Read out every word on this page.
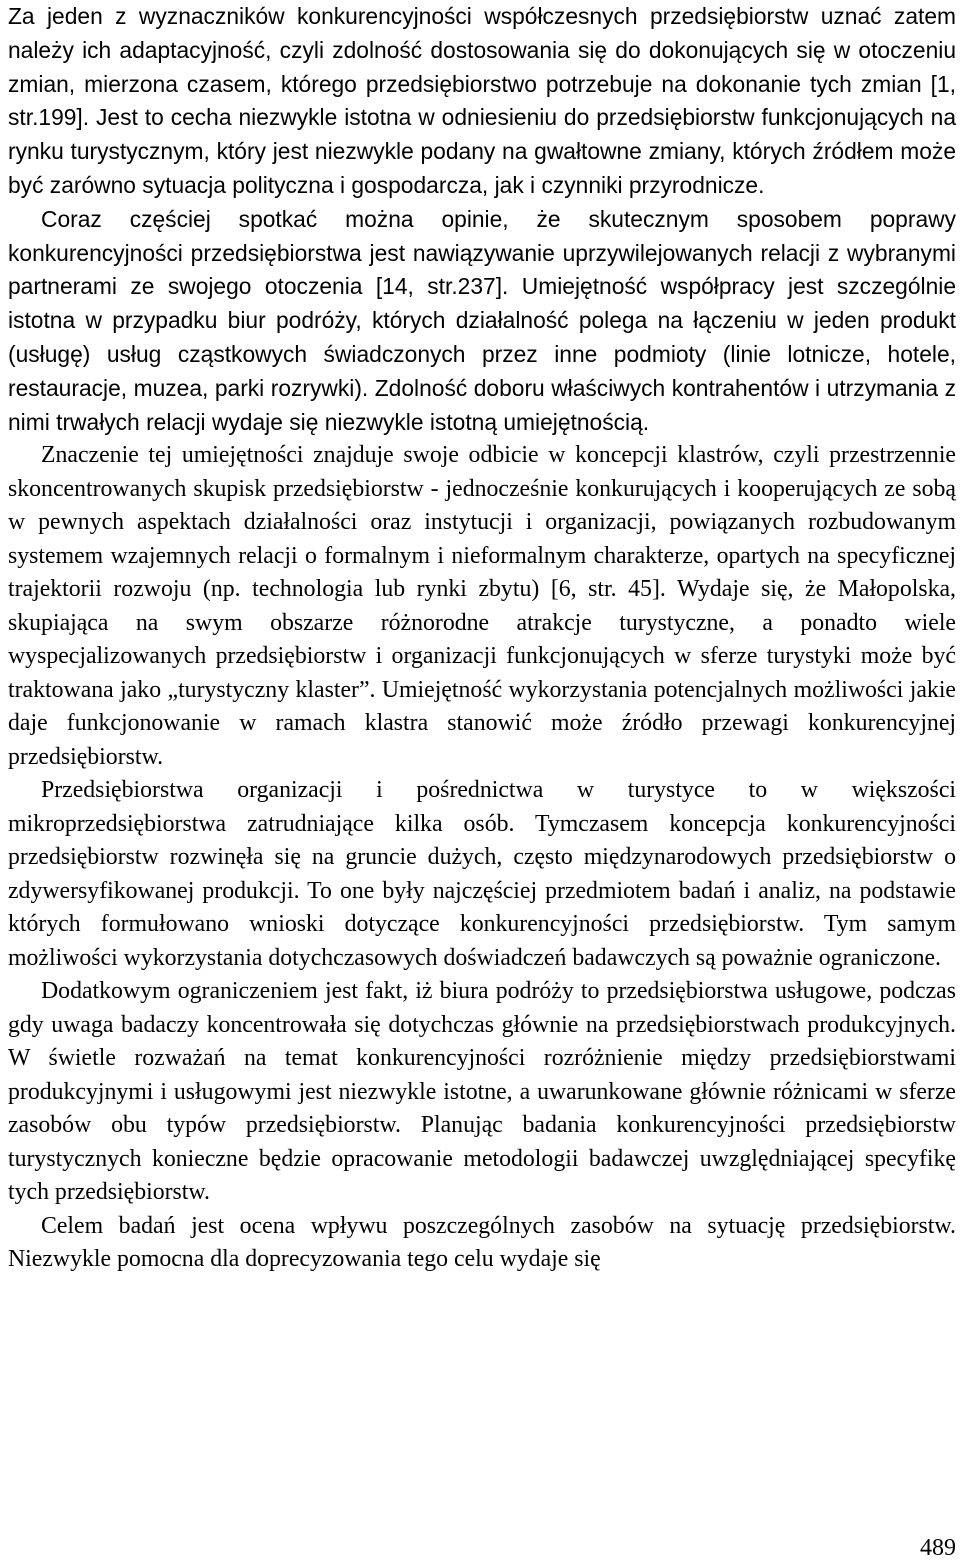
Za jeden z wyznaczników konkurencyjności współczesnych przedsiębiorstw uznać zatem należy ich adaptacyjność, czyli zdolność dostosowania się do dokonujących się w otoczeniu zmian, mierzona czasem, którego przedsiębiorstwo potrzebuje na dokonanie tych zmian [1, str.199]. Jest to cecha niezwykle istotna w odniesieniu do przedsiębiorstw funkcjonujących na rynku turystycznym, który jest niezwykle podany na gwałtowne zmiany, których źródłem może być zarówno sytuacja polityczna i gospodarcza, jak i czynniki przyrodnicze.

Coraz częściej spotkać można opinie, że skutecznym sposobem poprawy konkurencyjności przedsiębiorstwa jest nawiązywanie uprzywilejowanych relacji z wybranymi partnerami ze swojego otoczenia [14, str.237]. Umiejętność współpracy jest szczególnie istotna w przypadku biur podróży, których działalność polega na łączeniu w jeden produkt (usługę) usług cząstkowych świadczonych przez inne podmioty (linie lotnicze, hotele, restauracje, muzea, parki rozrywki). Zdolność doboru właściwych kontrahentów i utrzymania z nimi trwałych relacji wydaje się niezwykle istotną umiejętnością.

Znaczenie tej umiejętności znajduje swoje odbicie w koncepcji klastrów, czyli przestrzennie skoncentrowanych skupisk przedsiębiorstw - jednocześnie konkurujących i kooperujących ze sobą w pewnych aspektach działalności oraz instytucji i organizacji, powiązanych rozbudowanym systemem wzajemnych relacji o formalnym i nieformalnym charakterze, opartych na specyficznej trajektorii rozwoju (np. technologia lub rynki zbytu) [6, str. 45]. Wydaje się, że Małopolska, skupiająca na swym obszarze różnorodne atrakcje turystyczne, a ponadto wiele wyspecjalizowanych przedsiębiorstw i organizacji funkcjonujących w sferze turystyki może być traktowana jako „turystyczny klaster”. Umiejętność wykorzystania potencjalnych możliwości jakie daje funkcjonowanie w ramach klastra stanowić może źródło przewagi konkurencyjnej przedsiębiorstw.

Przedsiębiorstwa organizacji i pośrednictwa w turystyce to w większości mikroprzedsiębiorstwa zatrudniające kilka osób. Tymczasem koncepcja konkurencyjności przedsiębiorstw rozwinęła się na gruncie dużych, często międzynarodowych przedsiębiorstw o zdywersyfikowanej produkcji. To one były najczęściej przedmiotem badań i analiz, na podstawie których formułowano wnioski dotyczące konkurencyjności przedsiębiorstw. Tym samym możliwości wykorzystania dotychczasowych doświadczeń badawczych są poważnie ograniczone.

Dodatkowym ograniczeniem jest fakt, iż biura podróży to przedsiębiorstwa usługowe, podczas gdy uwaga badaczy koncentrowała się dotychczas głównie na przedsiębiorstwach produkcyjnych. W świetle rozważań na temat konkurencyjności rozróżnienie między przedsiębiorstwami produkcyjnymi i usługowymi jest niezwykle istotne, a uwarunkowane głównie różnicami w sferze zasobów obu typów przedsiębiorstw. Planując badania konkurencyjności przedsiębiorstw turystycznych konieczne będzie opracowanie metodologii badawczej uwzględniającej specyfikę tych przedsiębiorstw.

Celem badań jest ocena wpływu poszczególnych zasobów na sytuację przedsiębiorstw. Niezwykle pomocna dla doprecyzowania tego celu wydaje się

489
